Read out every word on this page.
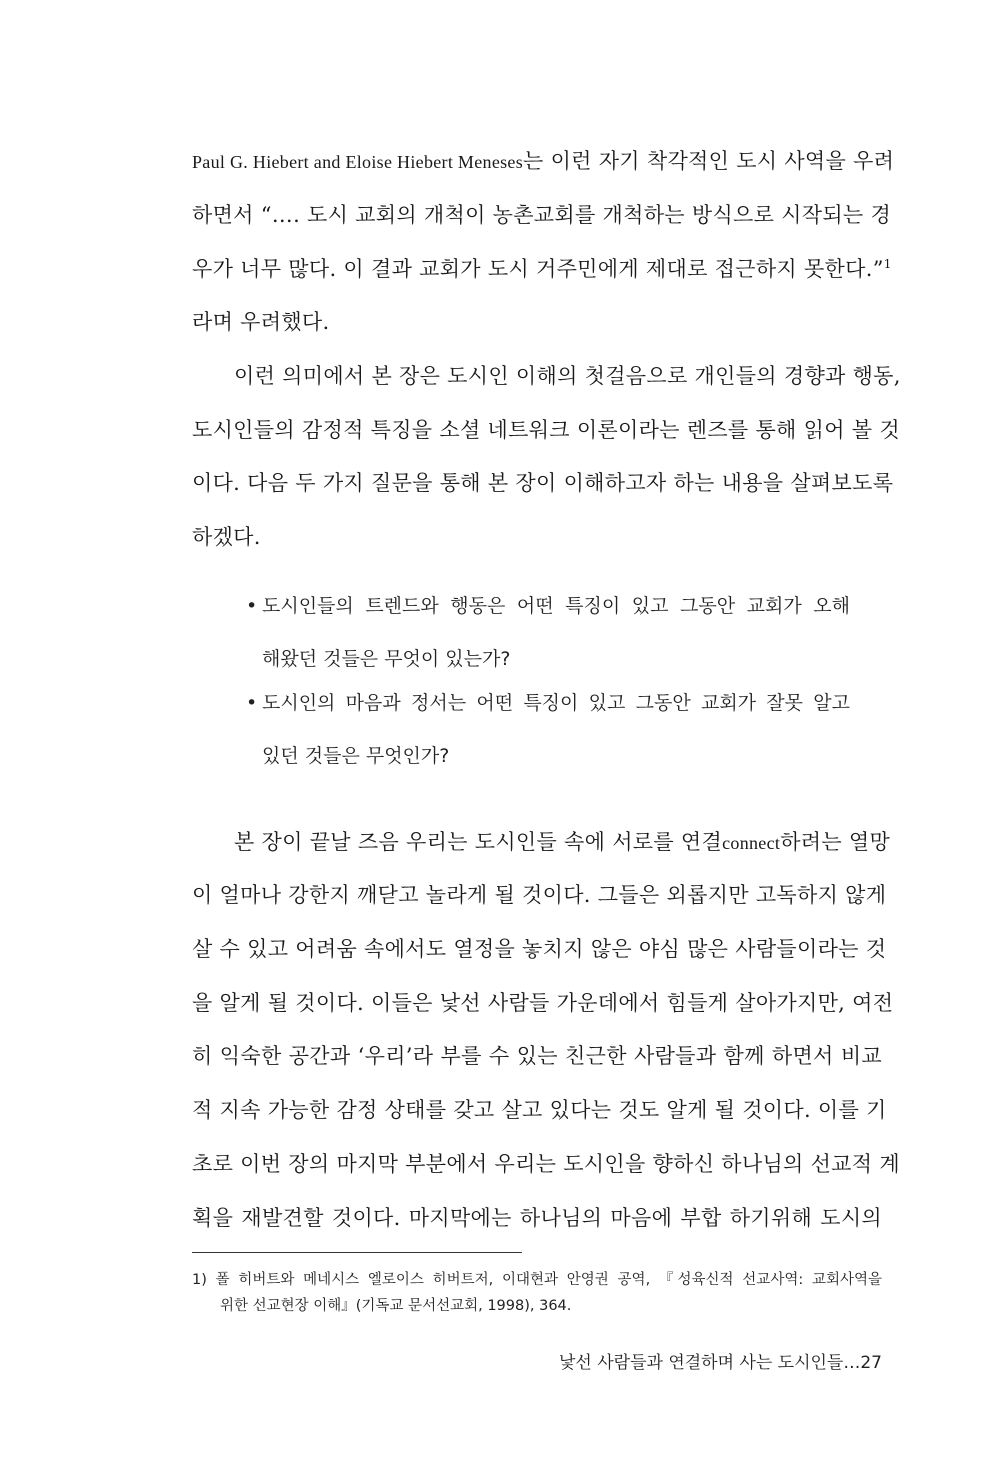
Paul G. Hiebert and Eloise Hiebert Meneses는 이런 자기 착각적인 도시 사역을 우려
하면서 “…. 도시 교회의 개척이 농촌교회를 개척하는 방식으로 시작되는 경
우가 너무 많다. 이 결과 교회가 도시 거주민에게 제대로 접근하지 못한다.”$^1$
라며 우려했다.
이런 의미에서 본 장은 도시인 이해의 첫걸음으로 개인들의 경향과 행동,
도시인들의 감정적 특징을 소셜 네트워크 이론이라는 렌즈를 통해 읽어 볼 것
이다. 다음 두 가지 질문을 통해 본 장이 이해하고자 하는 내용을 살펴보도록
하겠다.
• 도시인들의 트렌드와 행동은 어떤 특징이 있고 그동안 교회가 오해
해왔던 것들은 무엇이 있는가?
• 도시인의 마음과 정서는 어떤 특징이 있고 그동안 교회가 잘못 알고
있던 것들은 무엇인가?
본 장이 끝날 즈음 우리는 도시인들 속에 서로를 연결connect하려는 열망
이 얼마나 강한지 깨닫고 놀라게 될 것이다. 그들은 외롭지만 고독하지 않게
살 수 있고 어려움 속에서도 열정을 놓치지 않은 야심 많은 사람들이라는 것
을 알게 될 것이다. 이들은 낯선 사람들 가운데에서 힘들게 살아가지만, 여전
히 익숙한 공간과 ‘우리’라 부를 수 있는 친근한 사람들과 함께 하면서 비교
적 지속 가능한 감정 상태를 갖고 살고 있다는 것도 알게 될 것이다. 이를 기
초로 이번 장의 마지막 부분에서 우리는 도시인을 향하신 하나님의 선교적 계
획을 재발견할 것이다. 마지막에는 하나님의 마음에 부합 하기위해 도시의
1) 폴 히버트와 메네시스 엘로이스 히버트저, 이대현과 안영권 공역, 『성육신적 선교사역: 교회사역을
위한 선교현장 이해』(기독교 문서선교회, 1998), 364.
낯선 사람들과 연결하며 사는 도시인들…27
